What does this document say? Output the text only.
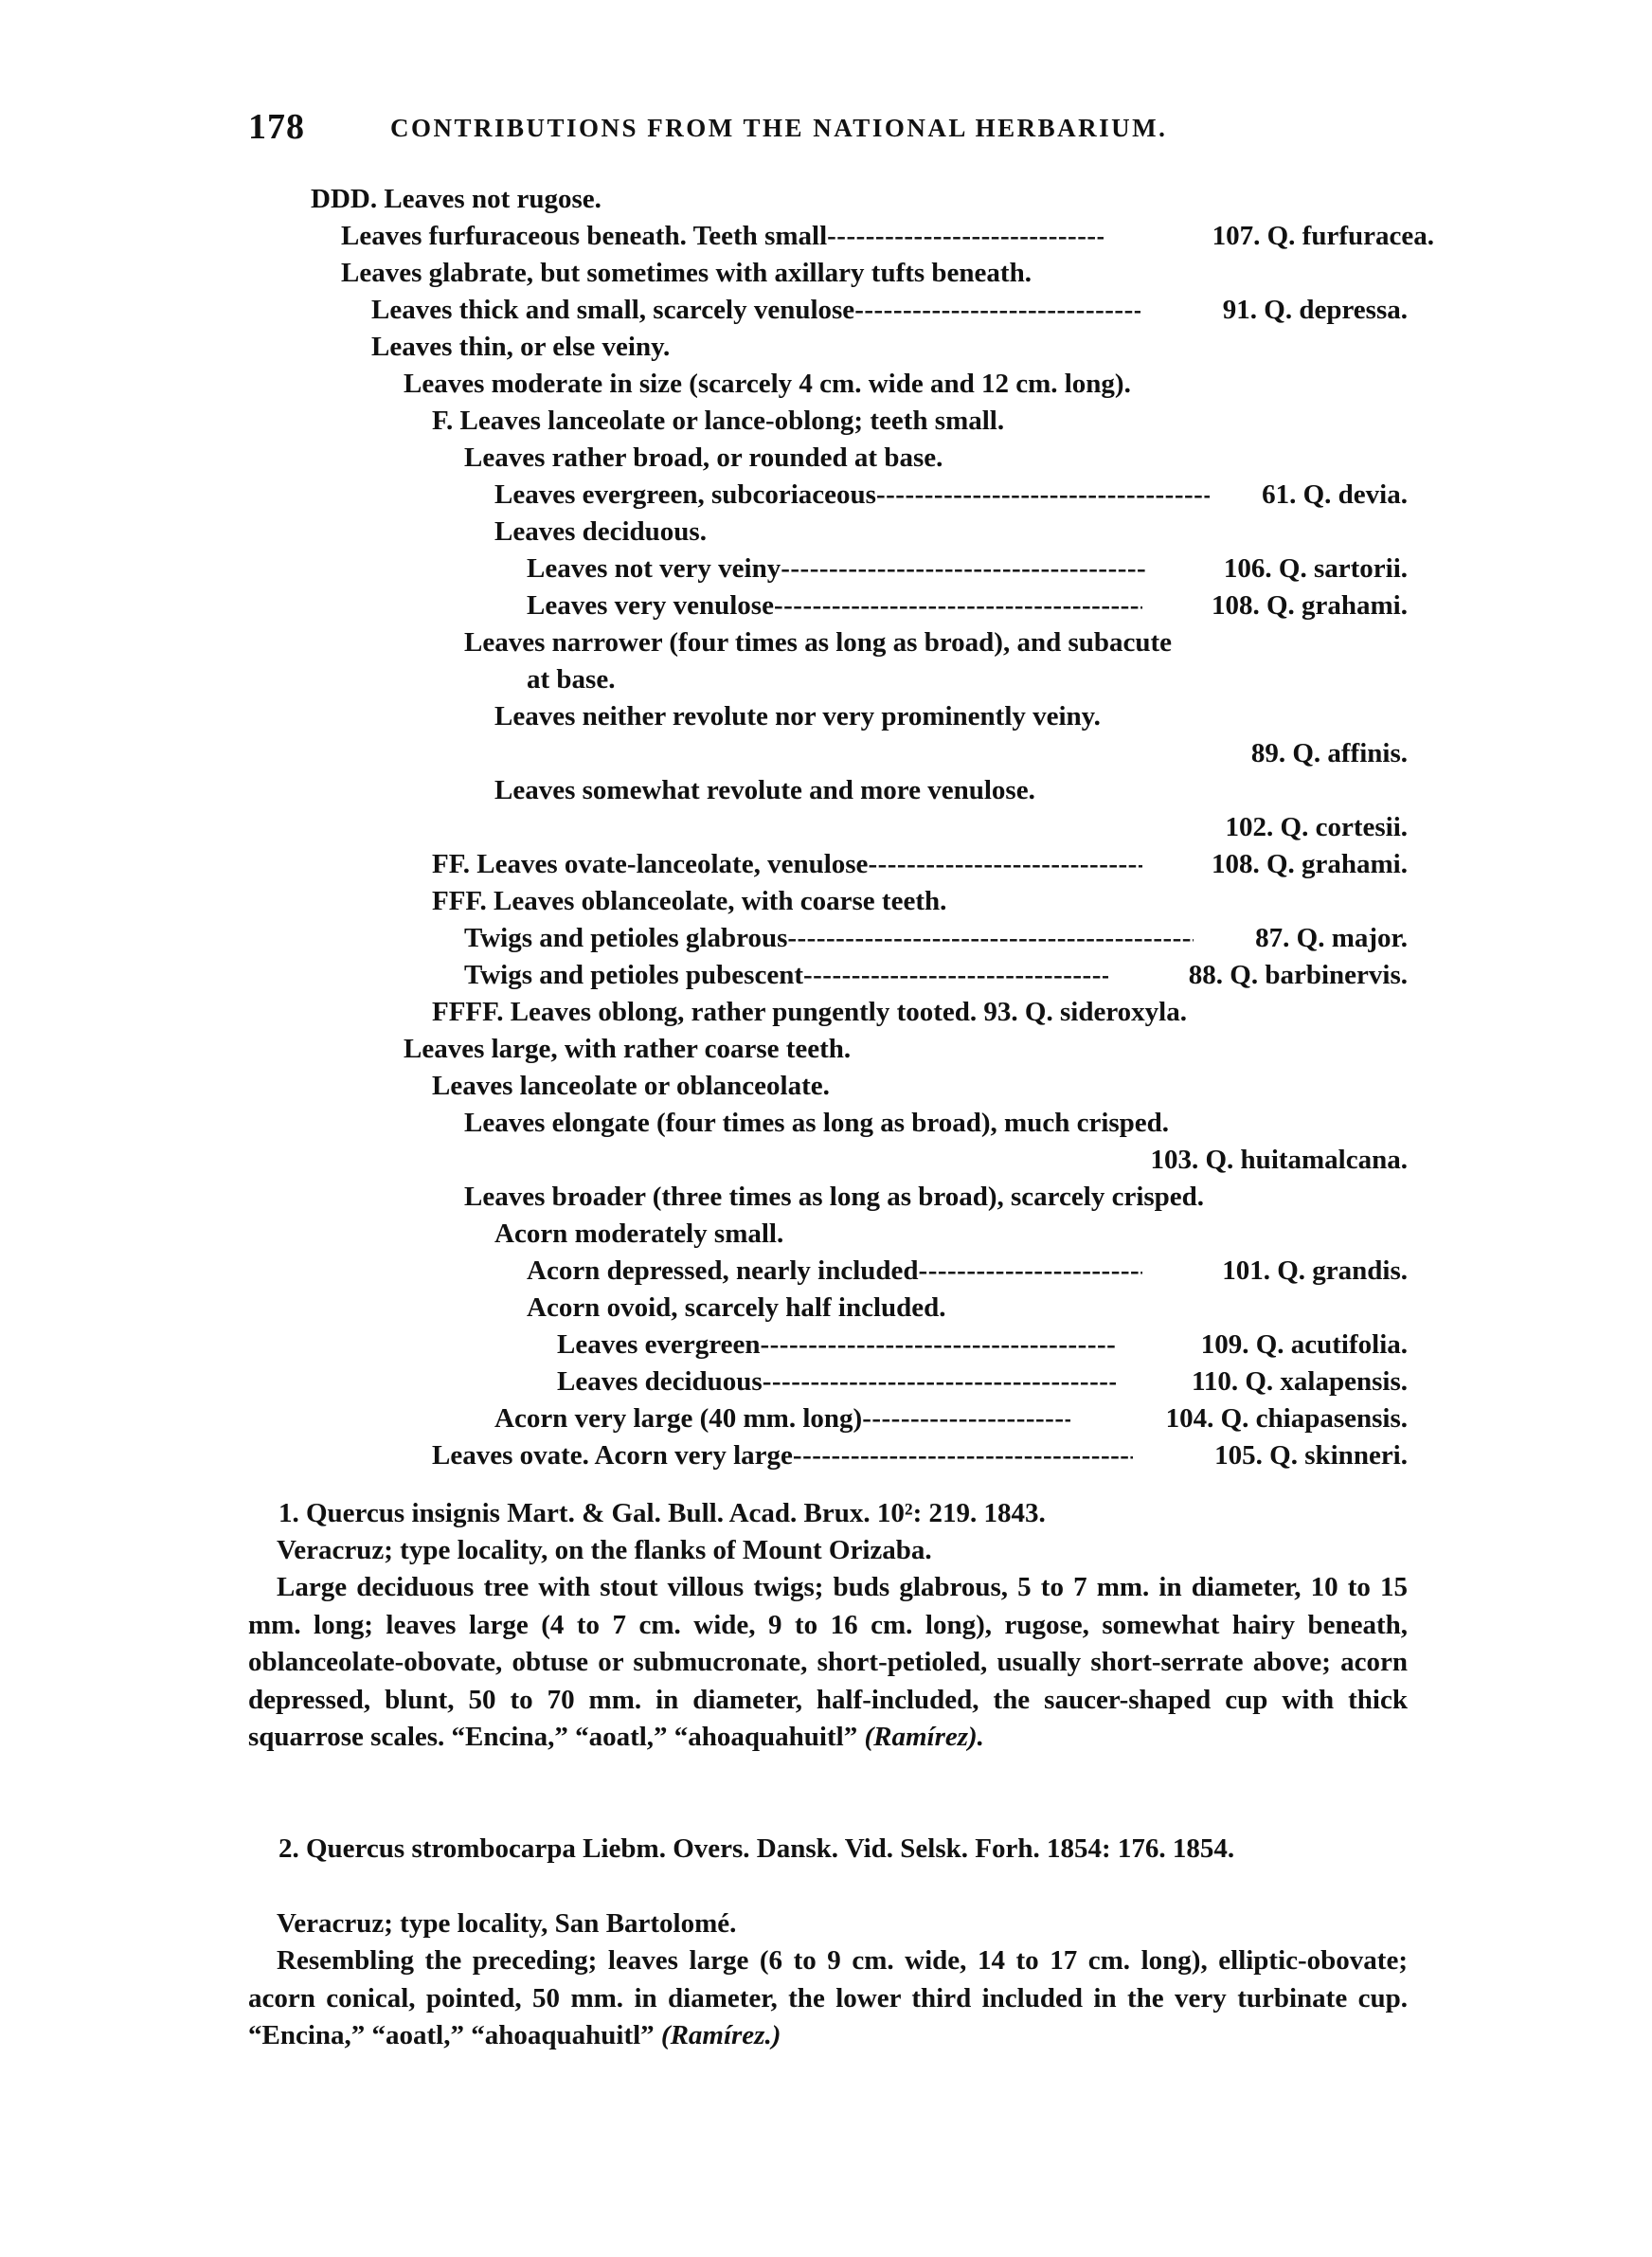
178	CONTRIBUTIONS FROM THE NATIONAL HERBARIUM.
DDD. Leaves not rugose.
Leaves furfuraceous beneath. Teeth small -----	107. Q. furfuracea.
Leaves glabrate, but sometimes with axillary tufts beneath.
Leaves thick and small, scarcely venulose -----	91. Q. depressa.
Leaves thin, or else veiny.
Leaves moderate in size (scarcely 4 cm. wide and 12 cm. long).
F. Leaves lanceolate or lance-oblong; teeth small.
Leaves rather broad, or rounded at base.
Leaves evergreen, subcoriaceous -----	61. Q. devia.
Leaves deciduous.
Leaves not very veiny -----	106. Q. sartorii.
Leaves very venulose -----	108. Q. grahami.
Leaves narrower (four times as long as broad), and subacute
at base.
Leaves neither revolute nor very prominently veiny.
89. Q. affinis.
Leaves somewhat revolute and more venulose.
102. Q. cortesii.
FF. Leaves ovate-lanceolate, venulose -----	108. Q. grahami.
FFF. Leaves oblanceolate, with coarse teeth.
Twigs and petioles glabrous -----	87. Q. major.
Twigs and petioles pubescent -----	88. Q. barbinervis.
FFFF. Leaves oblong, rather pungently tooted. 93. Q. sideroxyla.
Leaves large, with rather coarse teeth.
Leaves lanceolate or oblanceolate.
Leaves elongate (four times as long as broad), much crisped.
103. Q. huitamalcana.
Leaves broader (three times as long as broad), scarcely crisped.
Acorn moderately small.
Acorn depressed, nearly included -----	101. Q. grandis.
Acorn ovoid, scarcely half included.
Leaves evergreen -----	109. Q. acutifolia.
Leaves deciduous -----	110. Q. xalapensis.
Acorn very large (40 mm. long) -----	104. Q. chiapasensis.
Leaves ovate. Acorn very large -----	105. Q. skinneri.

1. Quercus insignis Mart. & Gal. Bull. Acad. Brux. 10²: 219. 1843.

Veracruz; type locality, on the flanks of Mount Orizaba.

Large deciduous tree with stout villous twigs; buds glabrous, 5 to 7 mm. in diameter, 10 to 15 mm. long; leaves large (4 to 7 cm. wide, 9 to 16 cm. long), rugose, somewhat hairy beneath, oblanceolate-obovate, obtuse or submucronate, short-petioled, usually short-serrate above; acorn depressed, blunt, 50 to 70 mm. in diameter, half-included, the saucer-shaped cup with thick squarrose scales. “Encina,” “aoatl,” “ahoaquahuitl” (Ramírez).

2. Quercus strombocarpa Liebm. Overs. Dansk. Vid. Selsk. Forh. 1854: 176. 1854.

Veracruz; type locality, San Bartolomé.

Resembling the preceding; leaves large (6 to 9 cm. wide, 14 to 17 cm. long), elliptic-obovate; acorn conical, pointed, 50 mm. in diameter, the lower third included in the very turbinate cup. “Encina,” “aoatl,” “ahoaquahuitl” (Ramírez.)
